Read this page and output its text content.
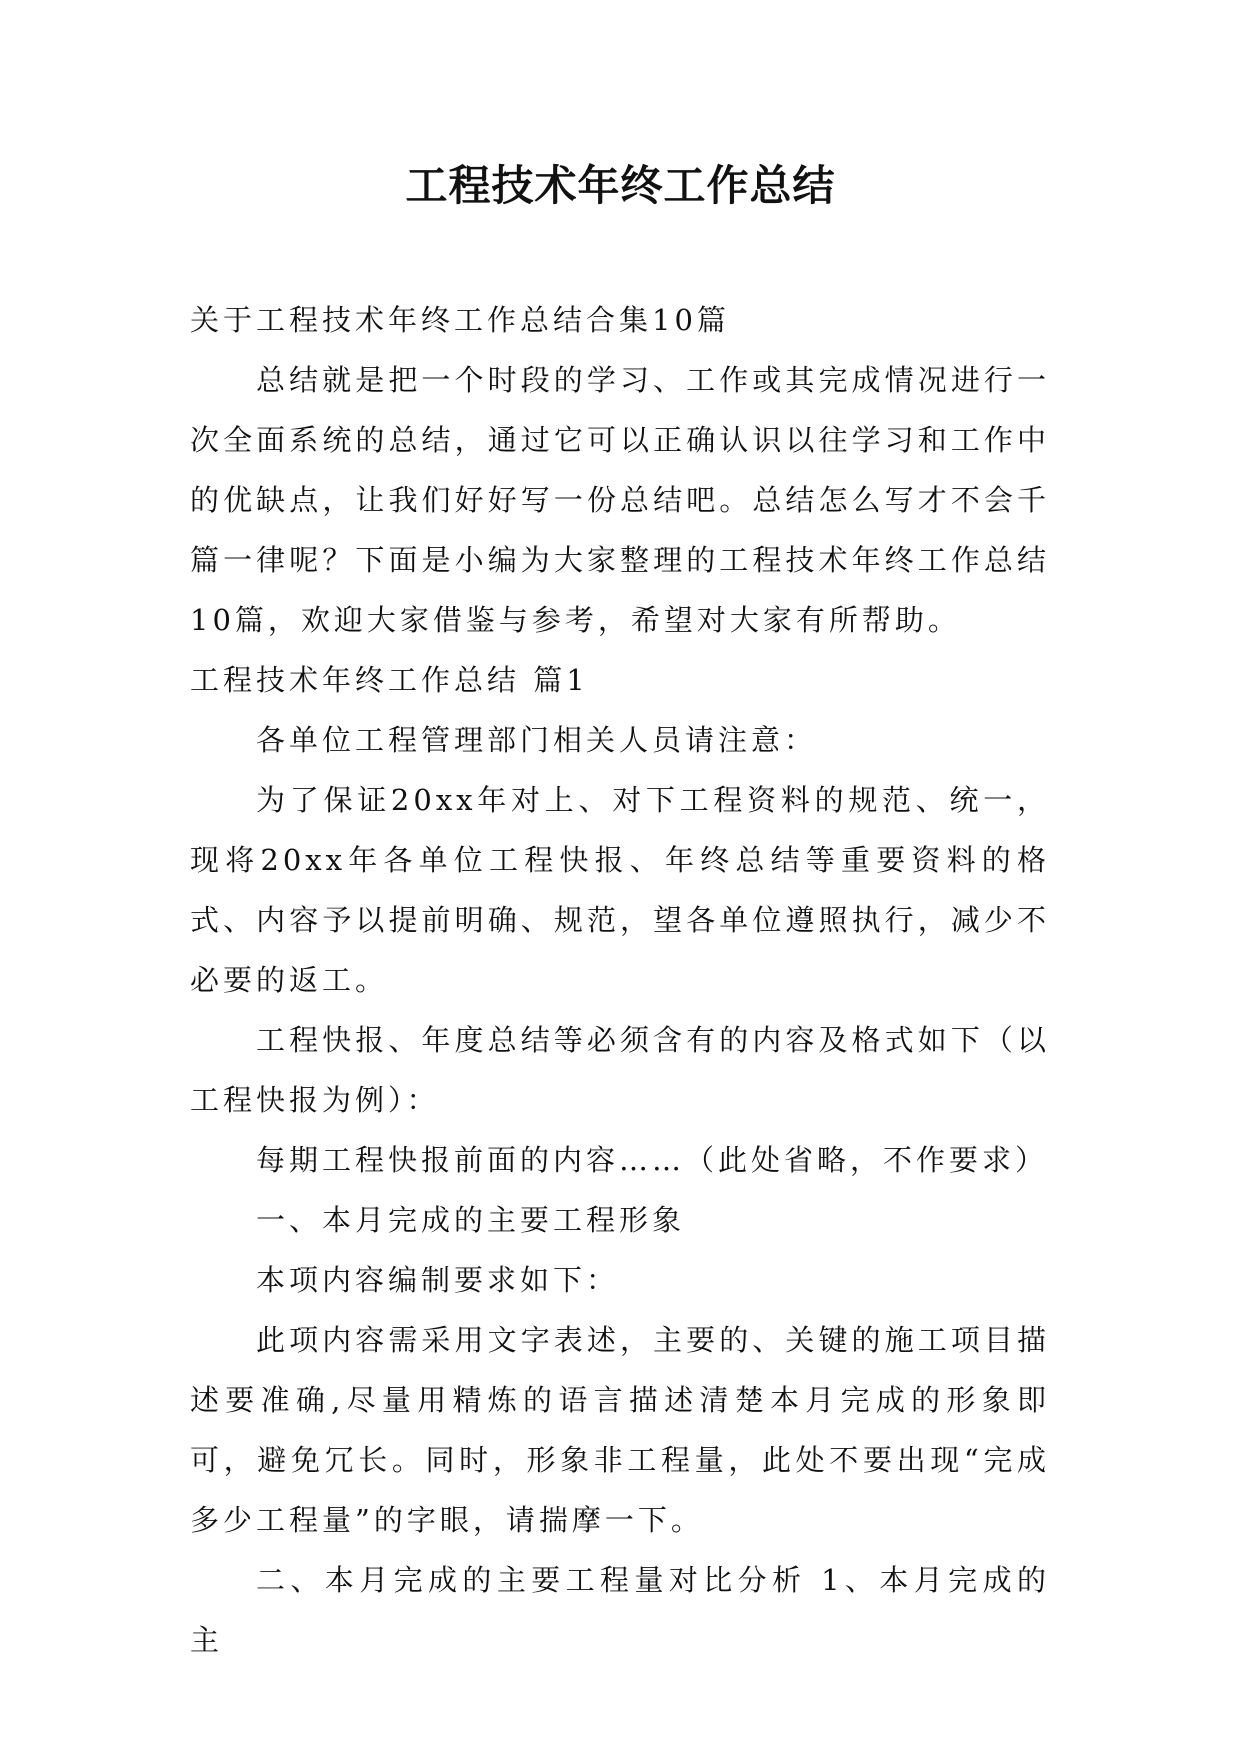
工程技术年终工作总结

关于工程技术年终工作总结合集10篇

总结就是把一个时段的学习、工作或其完成情况进行一次全面系统的总结，通过它可以正确认识以往学习和工作中的优缺点，让我们好好写一份总结吧。总结怎么写才不会千篇一律呢？下面是小编为大家整理的工程技术年终工作总结10篇，欢迎大家借鉴与参考，希望对大家有所帮助。

工程技术年终工作总结 篇1

各单位工程管理部门相关人员请注意：

为了保证20xx年对上、对下工程资料的规范、统一，现将20xx年各单位工程快报、年终总结等重要资料的格式、内容予以提前明确、规范，望各单位遵照执行，减少不必要的返工。

工程快报、年度总结等必须含有的内容及格式如下（以工程快报为例）：

每期工程快报前面的内容……（此处省略，不作要求）

一、本月完成的主要工程形象

本项内容编制要求如下：

此项内容需采用文字表述，主要的、关键的施工项目描述要准确,尽量用精炼的语言描述清楚本月完成的形象即可，避免冗长。同时，形象非工程量，此处不要出现“完成多少工程量”的字眼，请揣摩一下。

二、本月完成的主要工程量对比分析 1、本月完成的主
